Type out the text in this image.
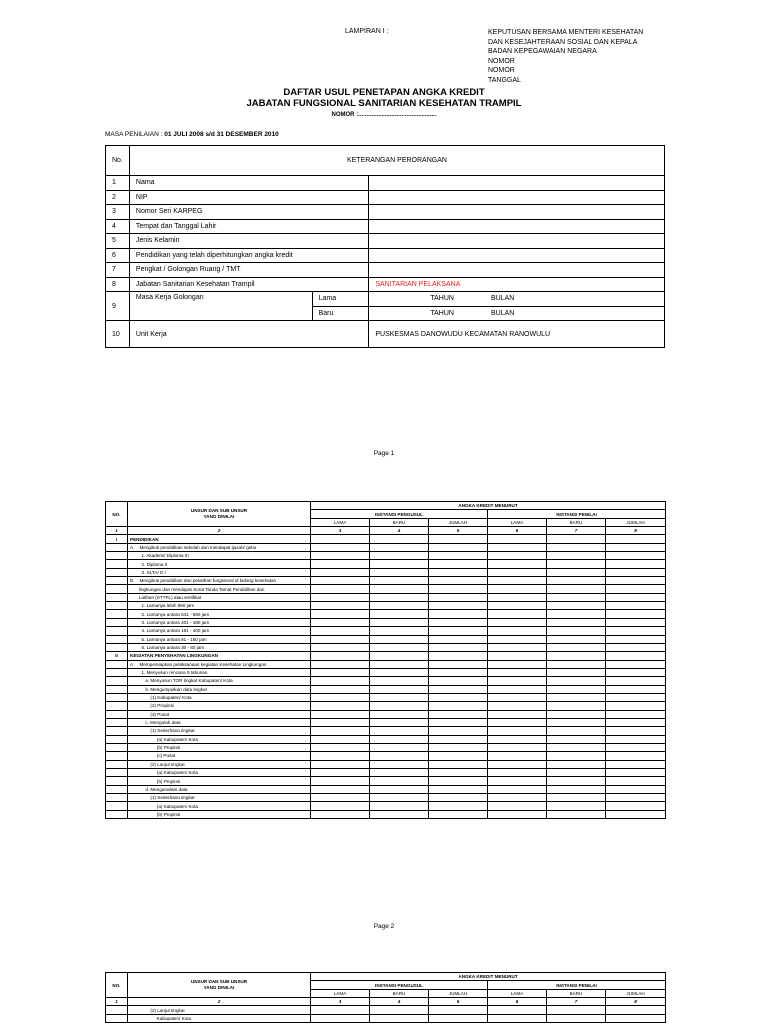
LAMPIRAN I :	KEPUTUSAN BERSAMA MENTERI KESEHATAN
DAN KESEJAHTERAAN SOSIAL DAN KEPALA
BADAN KEPEGAWAIAN NEGARA
NOMOR
NOMOR
TANGGAL
DAFTAR USUL PENETAPAN ANGKA KREDIT
JABATAN FUNGSIONAL SANITARIAN KESEHATAN TRAMPIL
NOMOR :...............................................
MASA PENILAIAN : 01 JULI 2008 s/d 31 DESEMBER 2010
No.	KETERANGAN PERORANGAN		
1	Nama		
2	NIP		
3	Nomor Seri KARPEG		
4	Tempat dan Tanggal Lahir		
5	Jenis Kelamin		
6	Pendidikan yang telah diperhitungkan angka kredit		
7	Pengkat / Golongan Ruang / TMT		
8	Jabatan Sanitarian Kesehatan Trampil		SANITARIAN PELAKSANA
9	Masa Kerja Golongan	Lama	TAHUN BULAN
		Baru	TAHUN BULAN
10	Unit Kerja		PUSKESMAS DANOWUDU KECAMATAN RANOWULU
Page 1
NO.	UNSUR DAN SUB UNSUR
YANG DINILAI	ANGKA KREDIT MENURUT					
		INSTANSI PENGUSUL			INSTANSI PENILAI		
		LAMA	BARU	JUMLAH	LAMA	BARU	JUMLAH
1	2	3	4	5	6	7	8
I	PENDIDIKAN						
	A.    Mengikuti pendidikan sekolah dan mendapat ijazah/ gelar						
	1. Akademi/ Diploma III						
	2. Diploma II						
	3. SLTA/ D I						
	B.    Mengikuti pendidikan dan pelatihan fungsional di bidang kesehatan						
	lingkungan dan mendapat Surat Tanda Tamat Pendidikan dan						
	Latihan (STTPL) atau sertifikat						
	1. Lamanya lebih 960 jam						
	2. Lamanya antara 641 - 960 jam						
	3. Lamanya antara 401 - 480 jam						
	4. Lamanya antara 161 - 400 jam						
	5. Lamanya antara 81 - 160 jam						
	6. Lamanya antara 30 - 80 jam						
II	KEGIATAN PENYEHATAN LINGKUNGAN						
	A.    Mempersiapkan pelaksanaan kegiatan Kesehatan Lingkungan						
	1. Menyusun rencana 5 tahunan						
	a. Menyusun TOR tingkat Kabupaten/ Kota						
	b. Mengumpulkan data tingkat						
	(1) Kabupaten/ Kota						
	(2) Propinsi						
	(3) Pusat						
	c. Mengolah data						
	(1) Sederhana tingkat						
	(a) Kabupaten/ Kota						
	(b) Propinsi						
	(c) Pusat						
	(2) Lanjut tingkat						
	(a) Kabupaten/ Kota						
	(b) Propinsi						
	d. Menganalisis data						
	(1) Sederhana tingkat						
	(a) Kabupaten/ Kota						
	(b) Propinsi						
Page 2
NO.	UNSUR DAN SUB UNSUR
YANG DINILAI	ANGKA KREDIT MENURUT					
		INSTANSI PENGUSUL			INSTANSI PENILAI		
		LAMA	BARU	JUMLAH	LAMA	BARU	JUMLAH
1	2	3	4	5	6	7	8
	(2) Lanjut tingkat						
	Kabupaten/ Kota						
